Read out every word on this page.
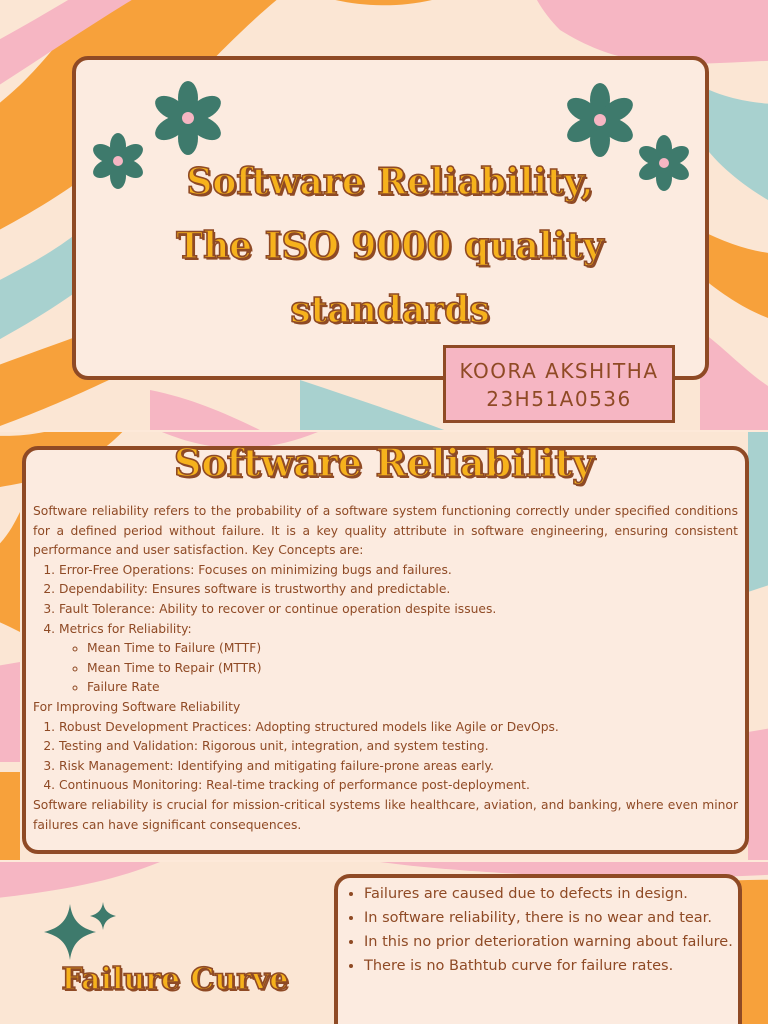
Software Reliability,
The ISO 9000 quality
standards
KOORA AKSHITHA
23H51A0536
Software Reliability

Software reliability refers to the probability of a software system functioning correctly under specified conditions for a defined period without failure. It is a key quality attribute in software engineering, ensuring consistent performance and user satisfaction. Key Concepts are:

1. Error-Free Operations: Focuses on minimizing bugs and failures.
2. Dependability: Ensures software is trustworthy and predictable.
3. Fault Tolerance: Ability to recover or continue operation despite issues.
4. Metrics for Reliability:
◦ Mean Time to Failure (MTTF)
◦ Mean Time to Repair (MTTR)
◦ Failure Rate

For Improving Software Reliability

1. Robust Development Practices: Adopting structured models like Agile or DevOps.
2. Testing and Validation: Rigorous unit, integration, and system testing.
3. Risk Management: Identifying and mitigating failure-prone areas early.
4. Continuous Monitoring: Real-time tracking of performance post-deployment.

Software reliability is crucial for mission-critical systems like healthcare, aviation, and banking, where even minor failures can have significant consequences.

Failure Curve
• Failures are caused due to defects in design.
• In software reliability, there is no wear and tear.
• In this no prior deterioration warning about failure.
• There is no Bathtub curve for failure rates.
